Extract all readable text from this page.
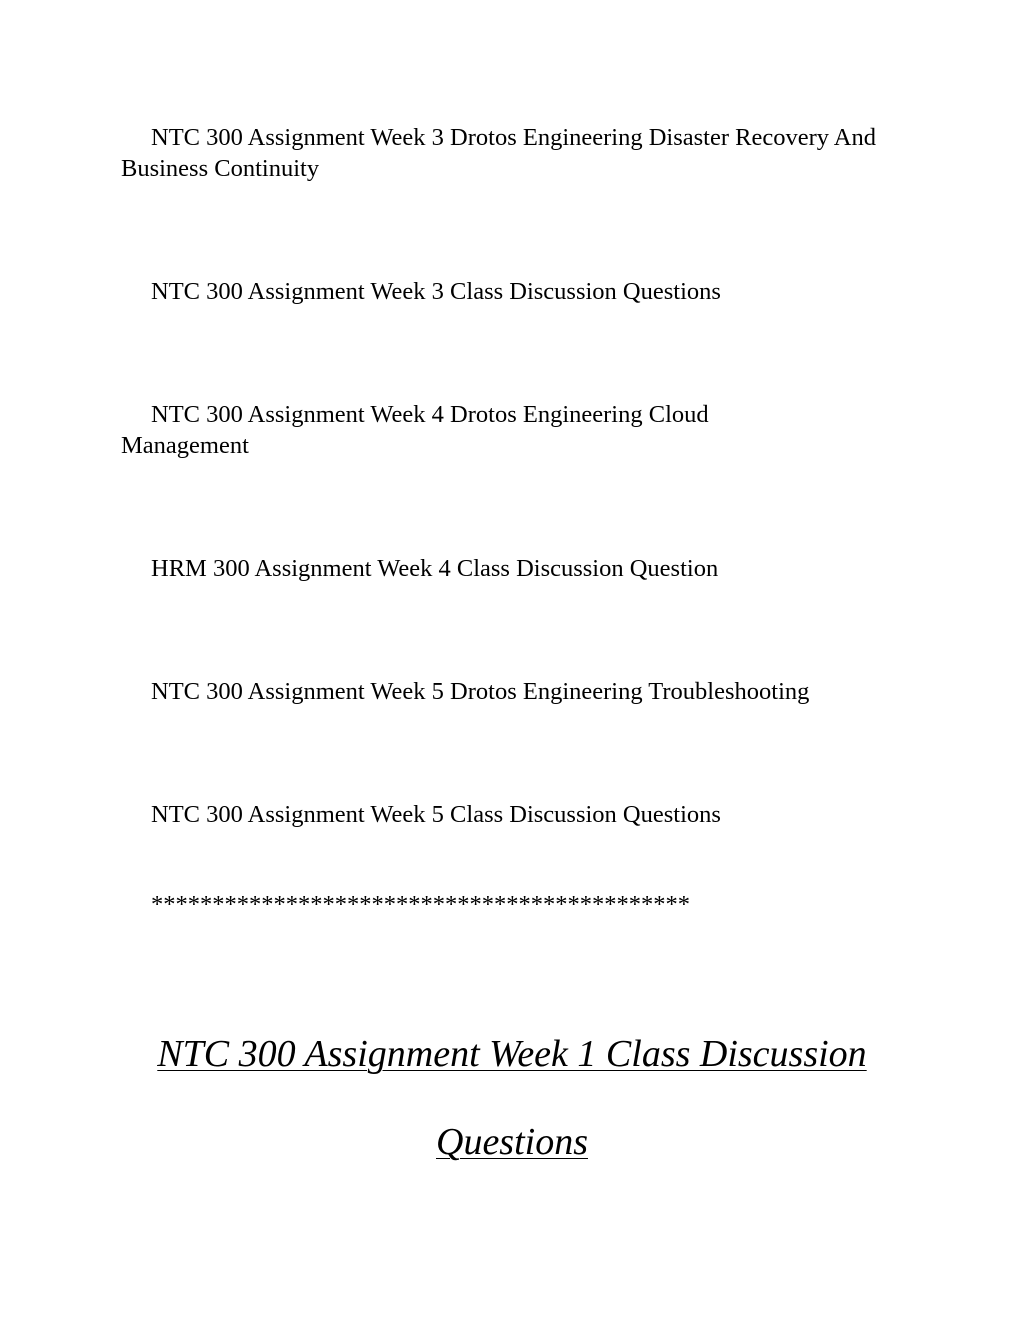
NTC 300 Assignment Week 3 Drotos Engineering Disaster Recovery And Business Continuity

NTC 300 Assignment Week 3 Class Discussion Questions

NTC 300 Assignment Week 4 Drotos Engineering Cloud Management

HRM 300 Assignment Week 4 Class Discussion Question

NTC 300 Assignment Week 5 Drotos Engineering Troubleshooting

NTC 300 Assignment Week 5 Class Discussion Questions

********************************************

NTC 300 Assignment Week 1 Class Discussion
Questions
